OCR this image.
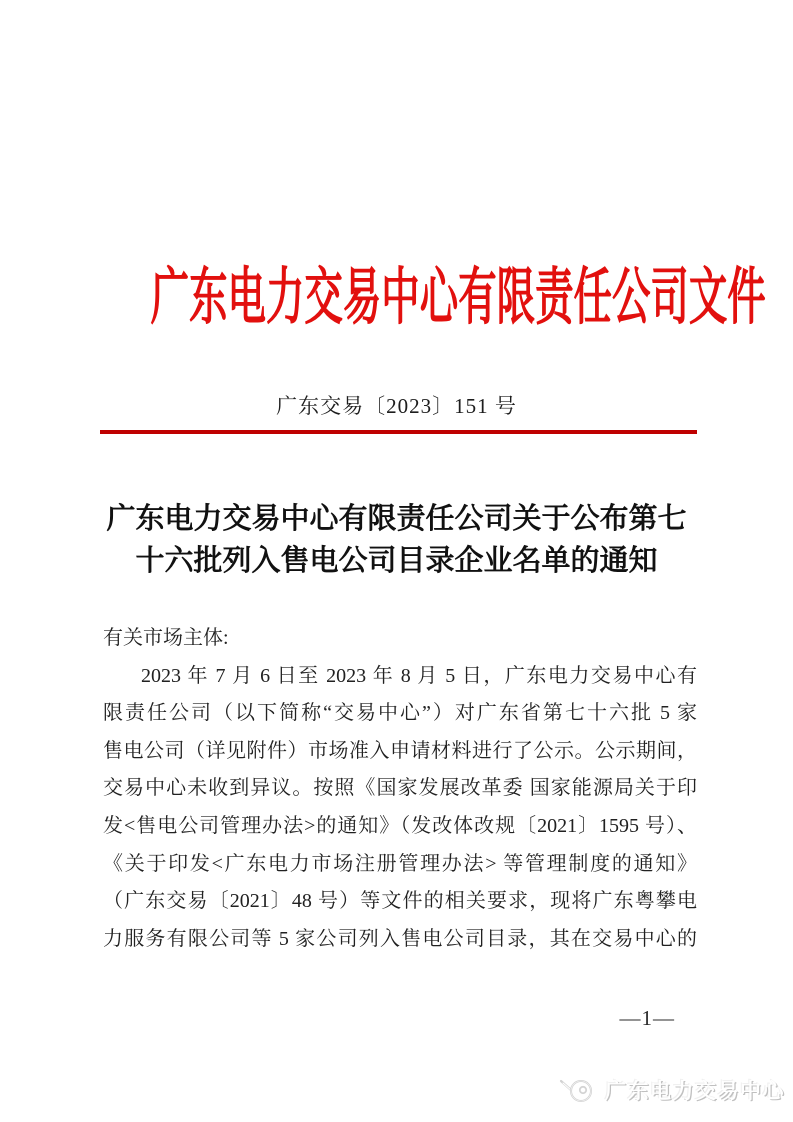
广东电力交易中心有限责任公司文件
广东交易〔2023〕151 号
广东电力交易中心有限责任公司关于公布第七
十六批列入售电公司目录企业名单的通知
有关市场主体:
2023 年 7 月 6 日至 2023 年 8 月 5 日，广东电力交易中心有
限责任公司（以下简称“交易中心”）对广东省第七十六批 5 家
售电公司（详见附件）市场准入申请材料进行了公示。公示期间，
交易中心未收到异议。按照《国家发展改革委 国家能源局关于印
发<售电公司管理办法>的通知》（发改体改规〔2021〕1595 号）、
《关于印发<广东电力市场注册管理办法> 等管理制度的通知》
（广东交易〔2021〕48 号）等文件的相关要求，现将广东粤攀电
力服务有限公司等 5 家公司列入售电公司目录，其在交易中心的
—1—
广东电力交易中心
